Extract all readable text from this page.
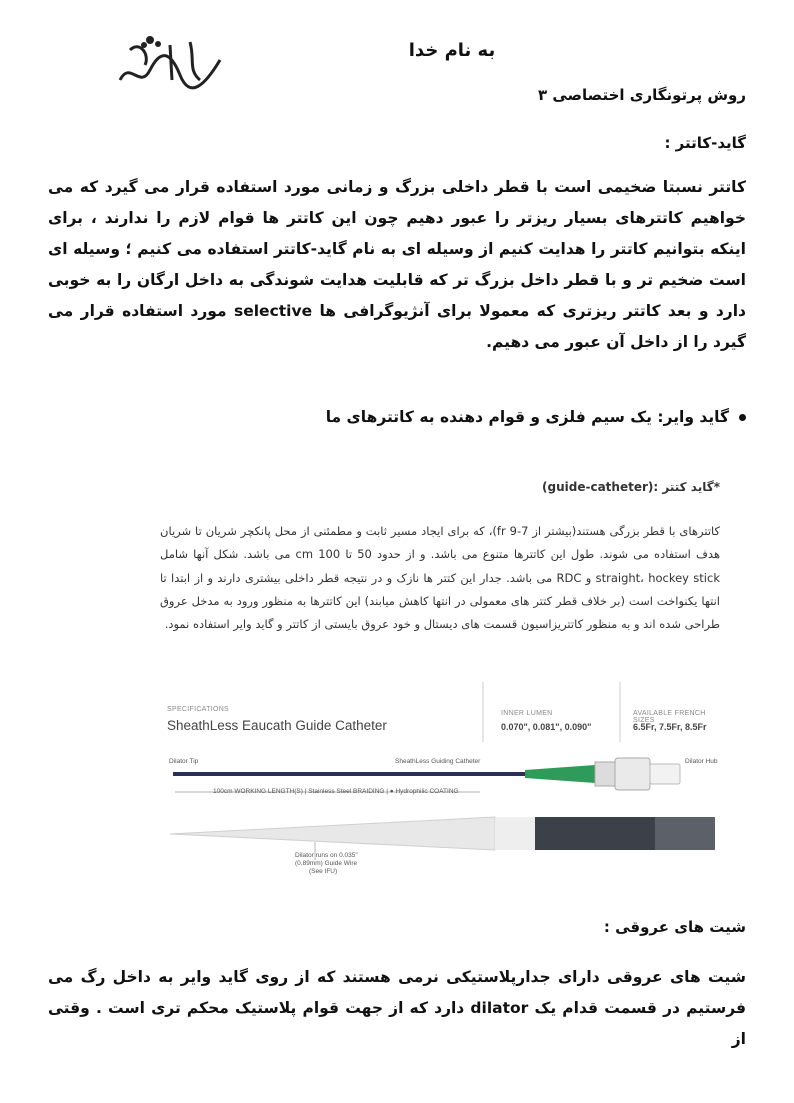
به نام خدا
روش پرتونگاری اختصاصی ۳
گاید-کاتتر :
کاتتر نسبتا ضخیمی است با قطر داخلی بزرگ و زمانی مورد استفاده قرار می گیرد که می خواهیم کاتترهای بسیار ریزتر را عبور دهیم چون این کاتتر ها قوام لازم را ندارند ، برای اینکه بتوانیم کاتتر را هدایت کنیم از وسیله ای به نام گاید-کاتتر استفاده می کنیم ؛ وسیله ای است ضخیم تر و با قطر داخل بزرگ تر که قابلیت هدایت شوندگی به داخل ارگان را به خوبی دارد و بعد کاتتر ریزتری که معمولا برای آنژیوگرافی ها selective مورد استفاده قرار می گیرد را از داخل آن عبور می دهیم.
گاید وایر: یک سیم فلزی و قوام دهنده به کاتترهای ما
*گاید کتتر (guide-catheter):
کاتترهای با قطر بزرگی هستند(بیشتر از fr 9-7)، که برای ایجاد مسیر ثابت و مطمئنی از محل پانکچر شریان تا شریان هدف استفاده می شوند. طول این کاتترها متنوع می باشد. و از حدود 50 تا 100 cm می باشد. شکل آنها شامل straight، hockey stick و RDC می باشد. جدار این کتتر ها نازک و در نتیجه قطر داخلی بیشتری دارند و از ابتدا تا انتها یکنواخت است (بر خلاف قطر کتتر های معمولی در انتها کاهش میابند) این کاتترها به منظور ورود به مدخل عروق طراحی شده اند و به منظور کاتتریزاسیون قسمت های دیستال و خود عروق بایستی از کاتتر و گاید وایر استفاده نمود.
SPECIFICATIONS
SheathLess Eaucath Guide Catheter
INNER LUMEN
0.070", 0.081", 0.090"
AVAILABLE FRENCH SIZES
6.5Fr, 7.5Fr, 8.5Fr
Dilator Tip	SheathLess Guiding Catheter	Dilator Hub
100cm WORKING LENGTH(S) | Stainless Steel BRAIDING | ● Hydrophilic COATING
Dilator runs on 0.035"
(0.89mm) Guide Wire
(See IFU)
شیت های عروقی :
شیت های عروقی دارای جدارپلاستیکی نرمی هستند که از روی گاید وایر به داخل رگ می فرستیم در قسمت قدام یک dilator دارد که از جهت قوام پلاستیک محکم تری است . وقتی از
